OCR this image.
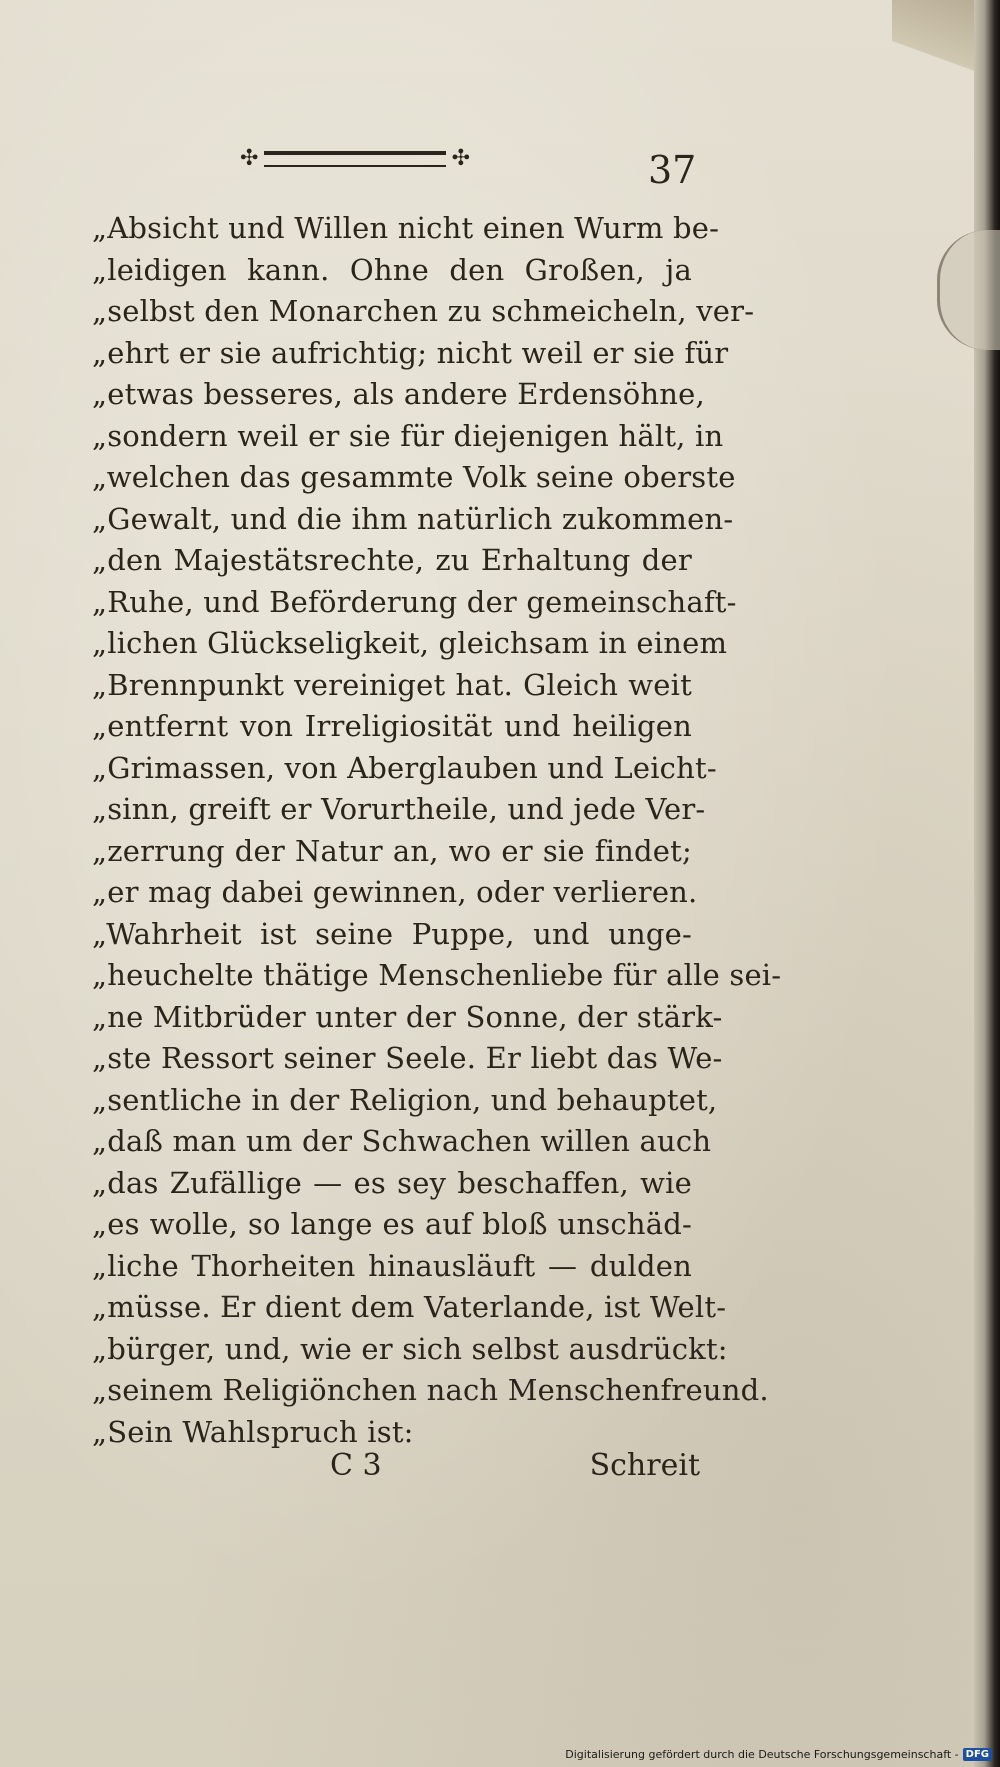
✣	✣	37
„Absicht und Willen nicht einen Wurm be-
„leidigen kann. Ohne den Großen, ja
„selbst den Monarchen zu schmeicheln, ver-
„ehrt er sie aufrichtig; nicht weil er sie für
„etwas besseres, als andere Erdensöhne,
„sondern weil er sie für diejenigen hält, in
„welchen das gesammte Volk seine oberste
„Gewalt, und die ihm natürlich zukommen-
„den Majestätsrechte, zu Erhaltung der
„Ruhe, und Beförderung der gemeinschaft-
„lichen Glückseligkeit, gleichsam in einem
„Brennpunkt vereiniget hat. Gleich weit
„entfernt von Irreligiosität und heiligen
„Grimassen, von Aberglauben und Leicht-
„sinn, greift er Vorurtheile, und jede Ver-
„zerrung der Natur an, wo er sie findet;
„er mag dabei gewinnen, oder verlieren.
„Wahrheit ist seine Puppe, und unge-
„heuchelte thätige Menschenliebe für alle sei-
„ne Mitbrüder unter der Sonne, der stärk-
„ste Ressort seiner Seele. Er liebt das We-
„sentliche in der Religion, und behauptet,
„daß man um der Schwachen willen auch
„das Zufällige — es sey beschaffen, wie
„es wolle, so lange es auf bloß unschäd-
„liche Thorheiten hinausläuft — dulden
„müsse. Er dient dem Vaterlande, ist Welt-
„bürger, und, wie er sich selbst ausdrückt:
„seinem Religiönchen nach Menschenfreund.
„Sein Wahlspruch ist:
C 3	Schreit
Digitalisierung gefördert durch die Deutsche Forschungsgemeinschaft - DFG
